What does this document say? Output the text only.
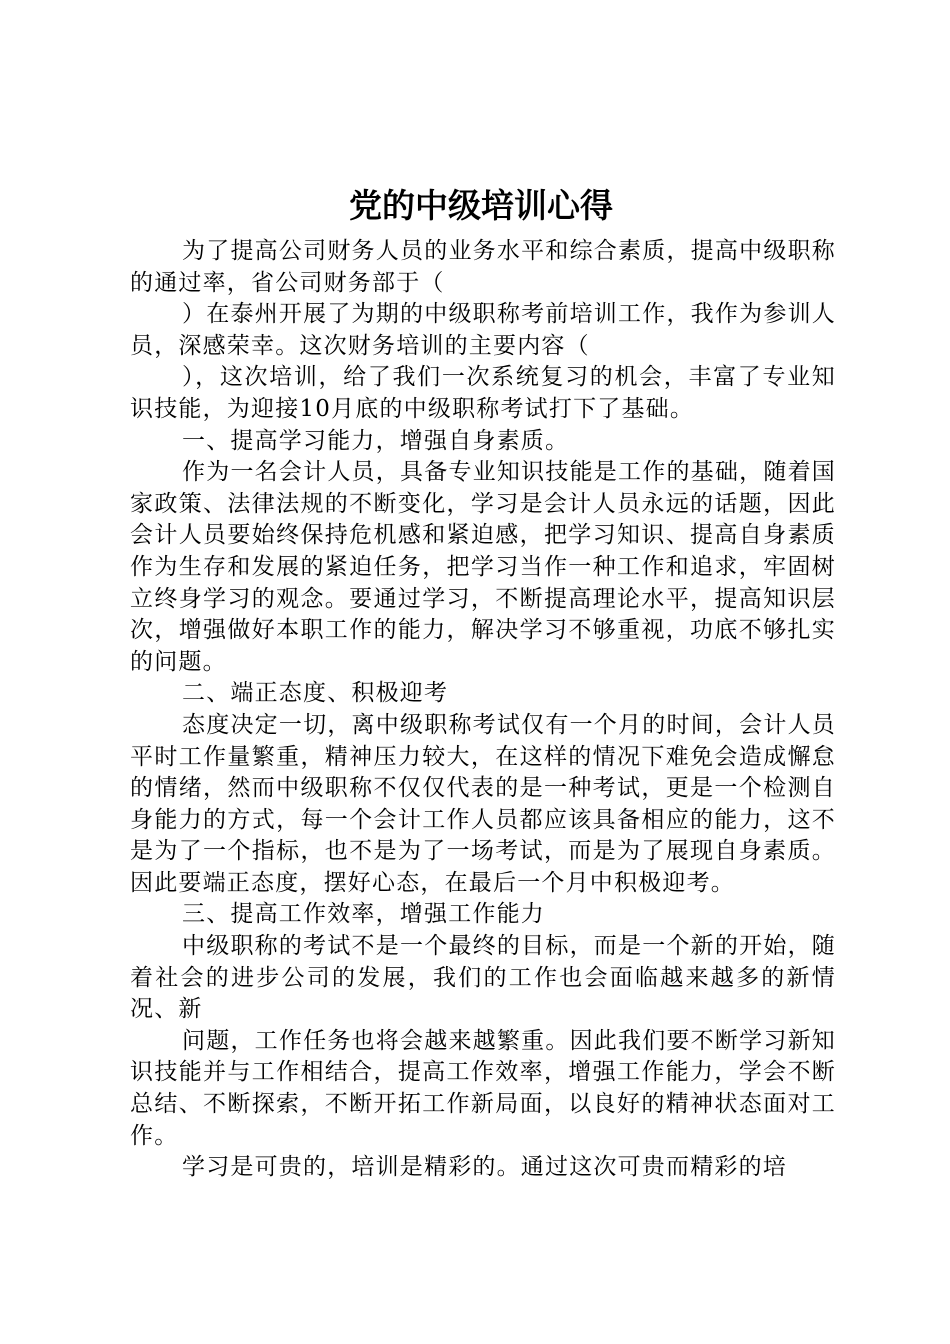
党的中级培训心得

为了提高公司财务人员的业务水平和综合素质，提高中级职称的通过率，省公司财务部于（

）在泰州开展了为期的中级职称考前培训工作，我作为参训人员，深感荣幸。这次财务培训的主要内容（

），这次培训，给了我们一次系统复习的机会，丰富了专业知识技能，为迎接10月底的中级职称考试打下了基础。

一、提高学习能力，增强自身素质。

作为一名会计人员，具备专业知识技能是工作的基础，随着国家政策、法律法规的不断变化，学习是会计人员永远的话题，因此会计人员要始终保持危机感和紧迫感，把学习知识、提高自身素质作为生存和发展的紧迫任务，把学习当作一种工作和追求，牢固树立终身学习的观念。要通过学习，不断提高理论水平，提高知识层次，增强做好本职工作的能力，解决学习不够重视，功底不够扎实的问题。

二、端正态度、积极迎考

态度决定一切，离中级职称考试仅有一个月的时间，会计人员平时工作量繁重，精神压力较大，在这样的情况下难免会造成懈怠的情绪，然而中级职称不仅仅代表的是一种考试，更是一个检测自身能力的方式，每一个会计工作人员都应该具备相应的能力，这不是为了一个指标，也不是为了一场考试，而是为了展现自身素质。因此要端正态度，摆好心态，在最后一个月中积极迎考。

三、提高工作效率，增强工作能力

中级职称的考试不是一个最终的目标，而是一个新的开始，随着社会的进步公司的发展，我们的工作也会面临越来越多的新情况、新

问题，工作任务也将会越来越繁重。因此我们要不断学习新知识技能并与工作相结合，提高工作效率，增强工作能力，学会不断总结、不断探索，不断开拓工作新局面，以良好的精神状态面对工作。

学习是可贵的，培训是精彩的。通过这次可贵而精彩的培
